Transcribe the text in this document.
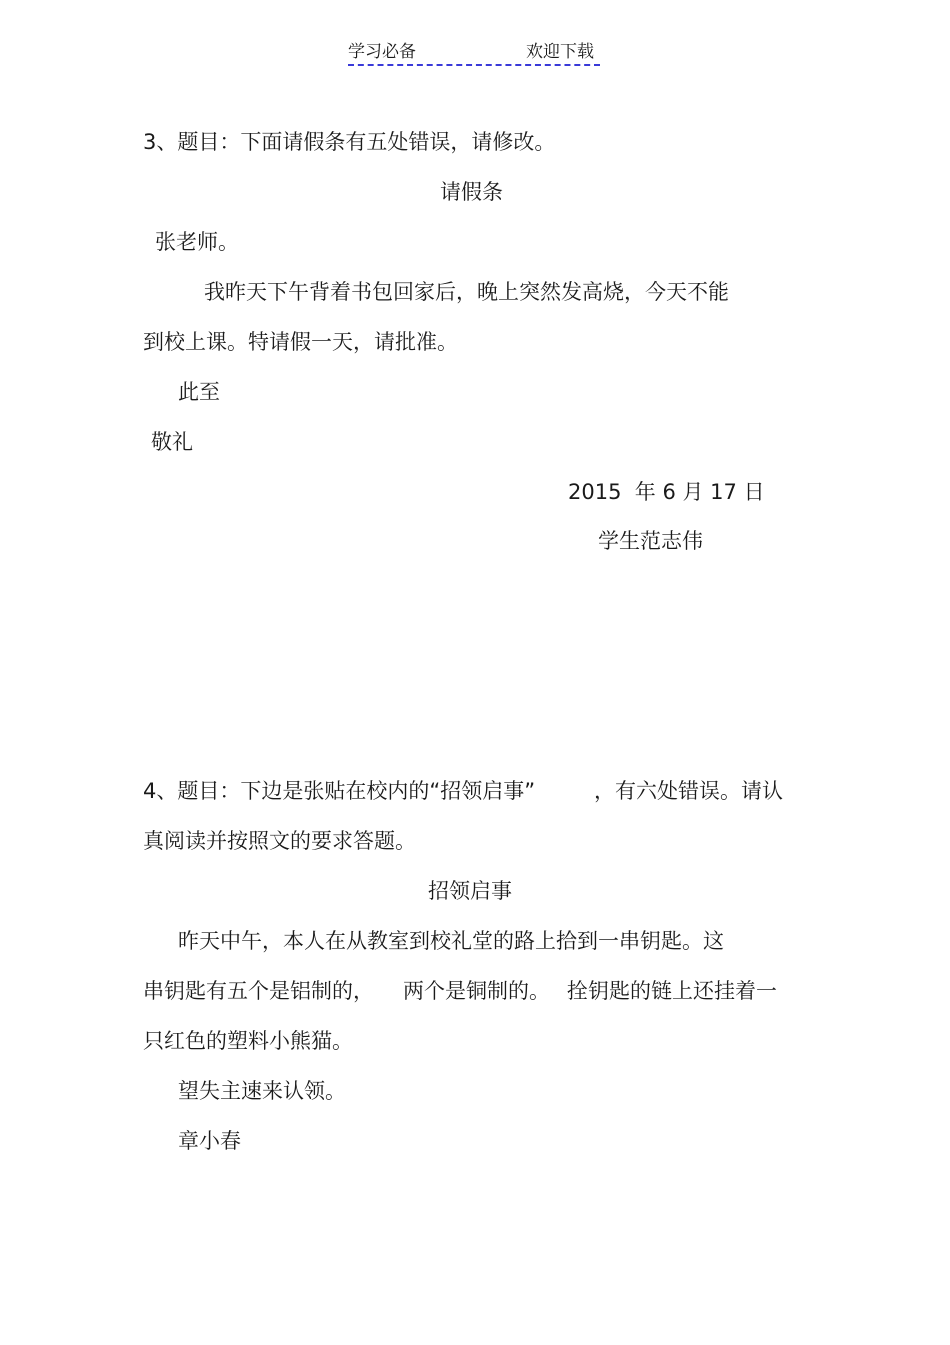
学习必备	欢迎下载
3、题目：下面请假条有五处错误，请修改。
请假条
张老师。
我昨天下午背着书包回家后，晚上突然发高烧，今天不能
到校上课。特请假一天，请批准。
此至
敬礼
2015  年 6 月 17 日
学生范志伟
4、题目：下边是张贴在校内的“招领启事”	，有六处错误。请认
真阅读并按照文的要求答题。
招领启事
昨天中午，本人在从教室到校礼堂的路上拾到一串钥匙。这
串钥匙有五个是铝制的， 两个是铜制的。 拴钥匙的链上还挂着一
只红色的塑料小熊猫。
望失主速来认领。
章小春
